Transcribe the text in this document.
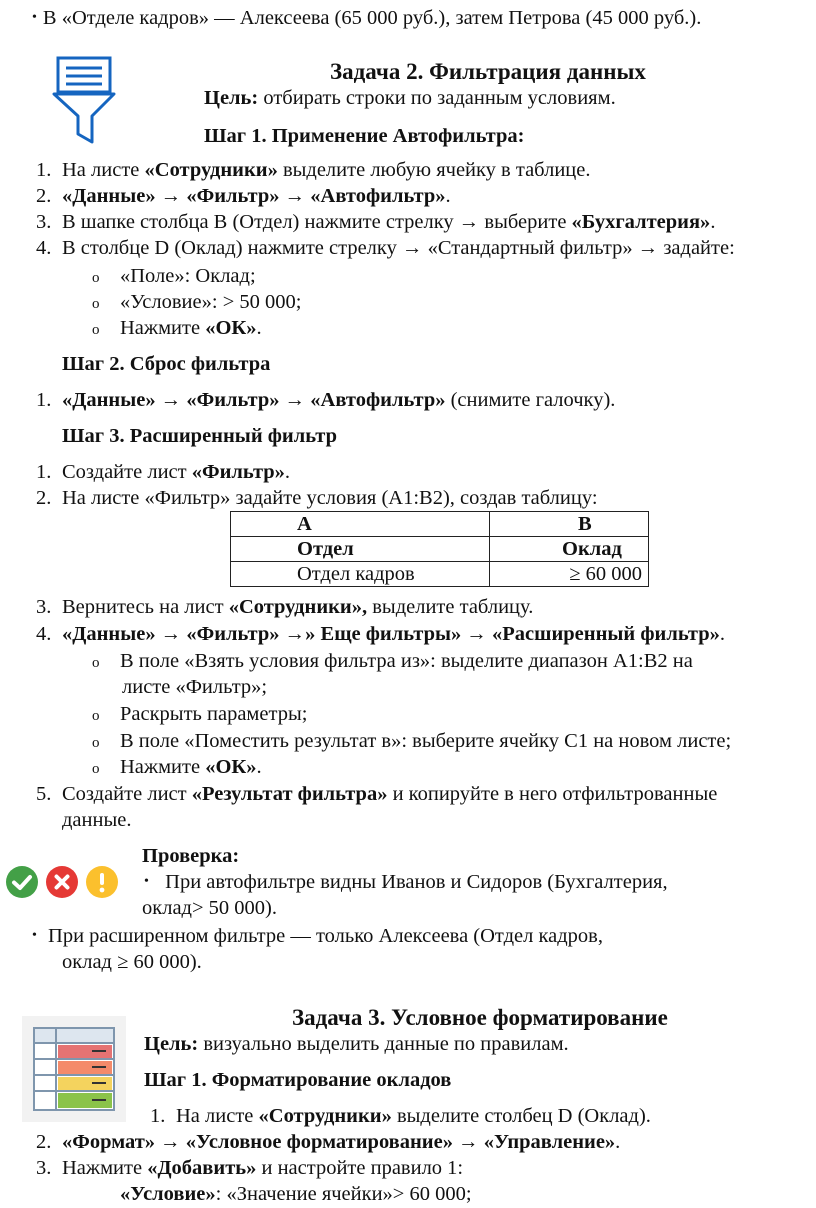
• В «Отделе кадров» — Алексеева (65 000 руб.), затем Петрова (45 000 руб.).
Задача 2. Фильтрация данных
Цель: отбирать строки по заданным условиям.
Шаг 1. Применение Автофильтра:
1. На листе «Сотрудники» выделите любую ячейку в таблице.
2. «Данные» → «Фильтр» → «Автофильтр».
3. В шапке столбца B (Отдел) нажмите стрелку → выберите «Бухгалтерия».
4. В столбце D (Оклад) нажмите стрелку → «Стандартный фильтр» → задайте:
o «Поле»: Оклад;
o «Условие»: > 50 000;
o Нажмите «ОК».
Шаг 2. Сброс фильтра
1. «Данные» → «Фильтр» → «Автофильтр» (снимите галочку).
Шаг 3. Расширенный фильтр
1. Создайте лист «Фильтр».
2. На листе «Фильтр» задайте условия (A1:B2), создав таблицу:
A	B
Отдел	Оклад
Отдел кадров	≥ 60 000
3. Вернитесь на лист «Сотрудники», выделите таблицу.
4. «Данные» → «Фильтр» →» Еще фильтры» → «Расширенный фильтр».
o В поле «Взять условия фильтра из»: выделите диапазон A1:B2 на
листе «Фильтр»;
o Раскрыть параметры;
o В поле «Поместить результат в»: выберите ячейку C1 на новом листе;
o Нажмите «ОК».
5. Создайте лист «Результат фильтра» и копируйте в него отфильтрованные
данные.
Проверка:
• При автофильтре видны Иванов и Сидоров (Бухгалтерия,
оклад> 50 000).
• При расширенном фильтре — только Алексеева (Отдел кадров,
оклад ≥ 60 000).
Задача 3. Условное форматирование
Цель: визуально выделить данные по правилам.
Шаг 1. Форматирование окладов
1. На листе «Сотрудники» выделите столбец D (Оклад).
2. «Формат» → «Условное форматирование» → «Управление».
3. Нажмите «Добавить» и настройте правило 1:
«Условие»: «Значение ячейки»> 60 000;
